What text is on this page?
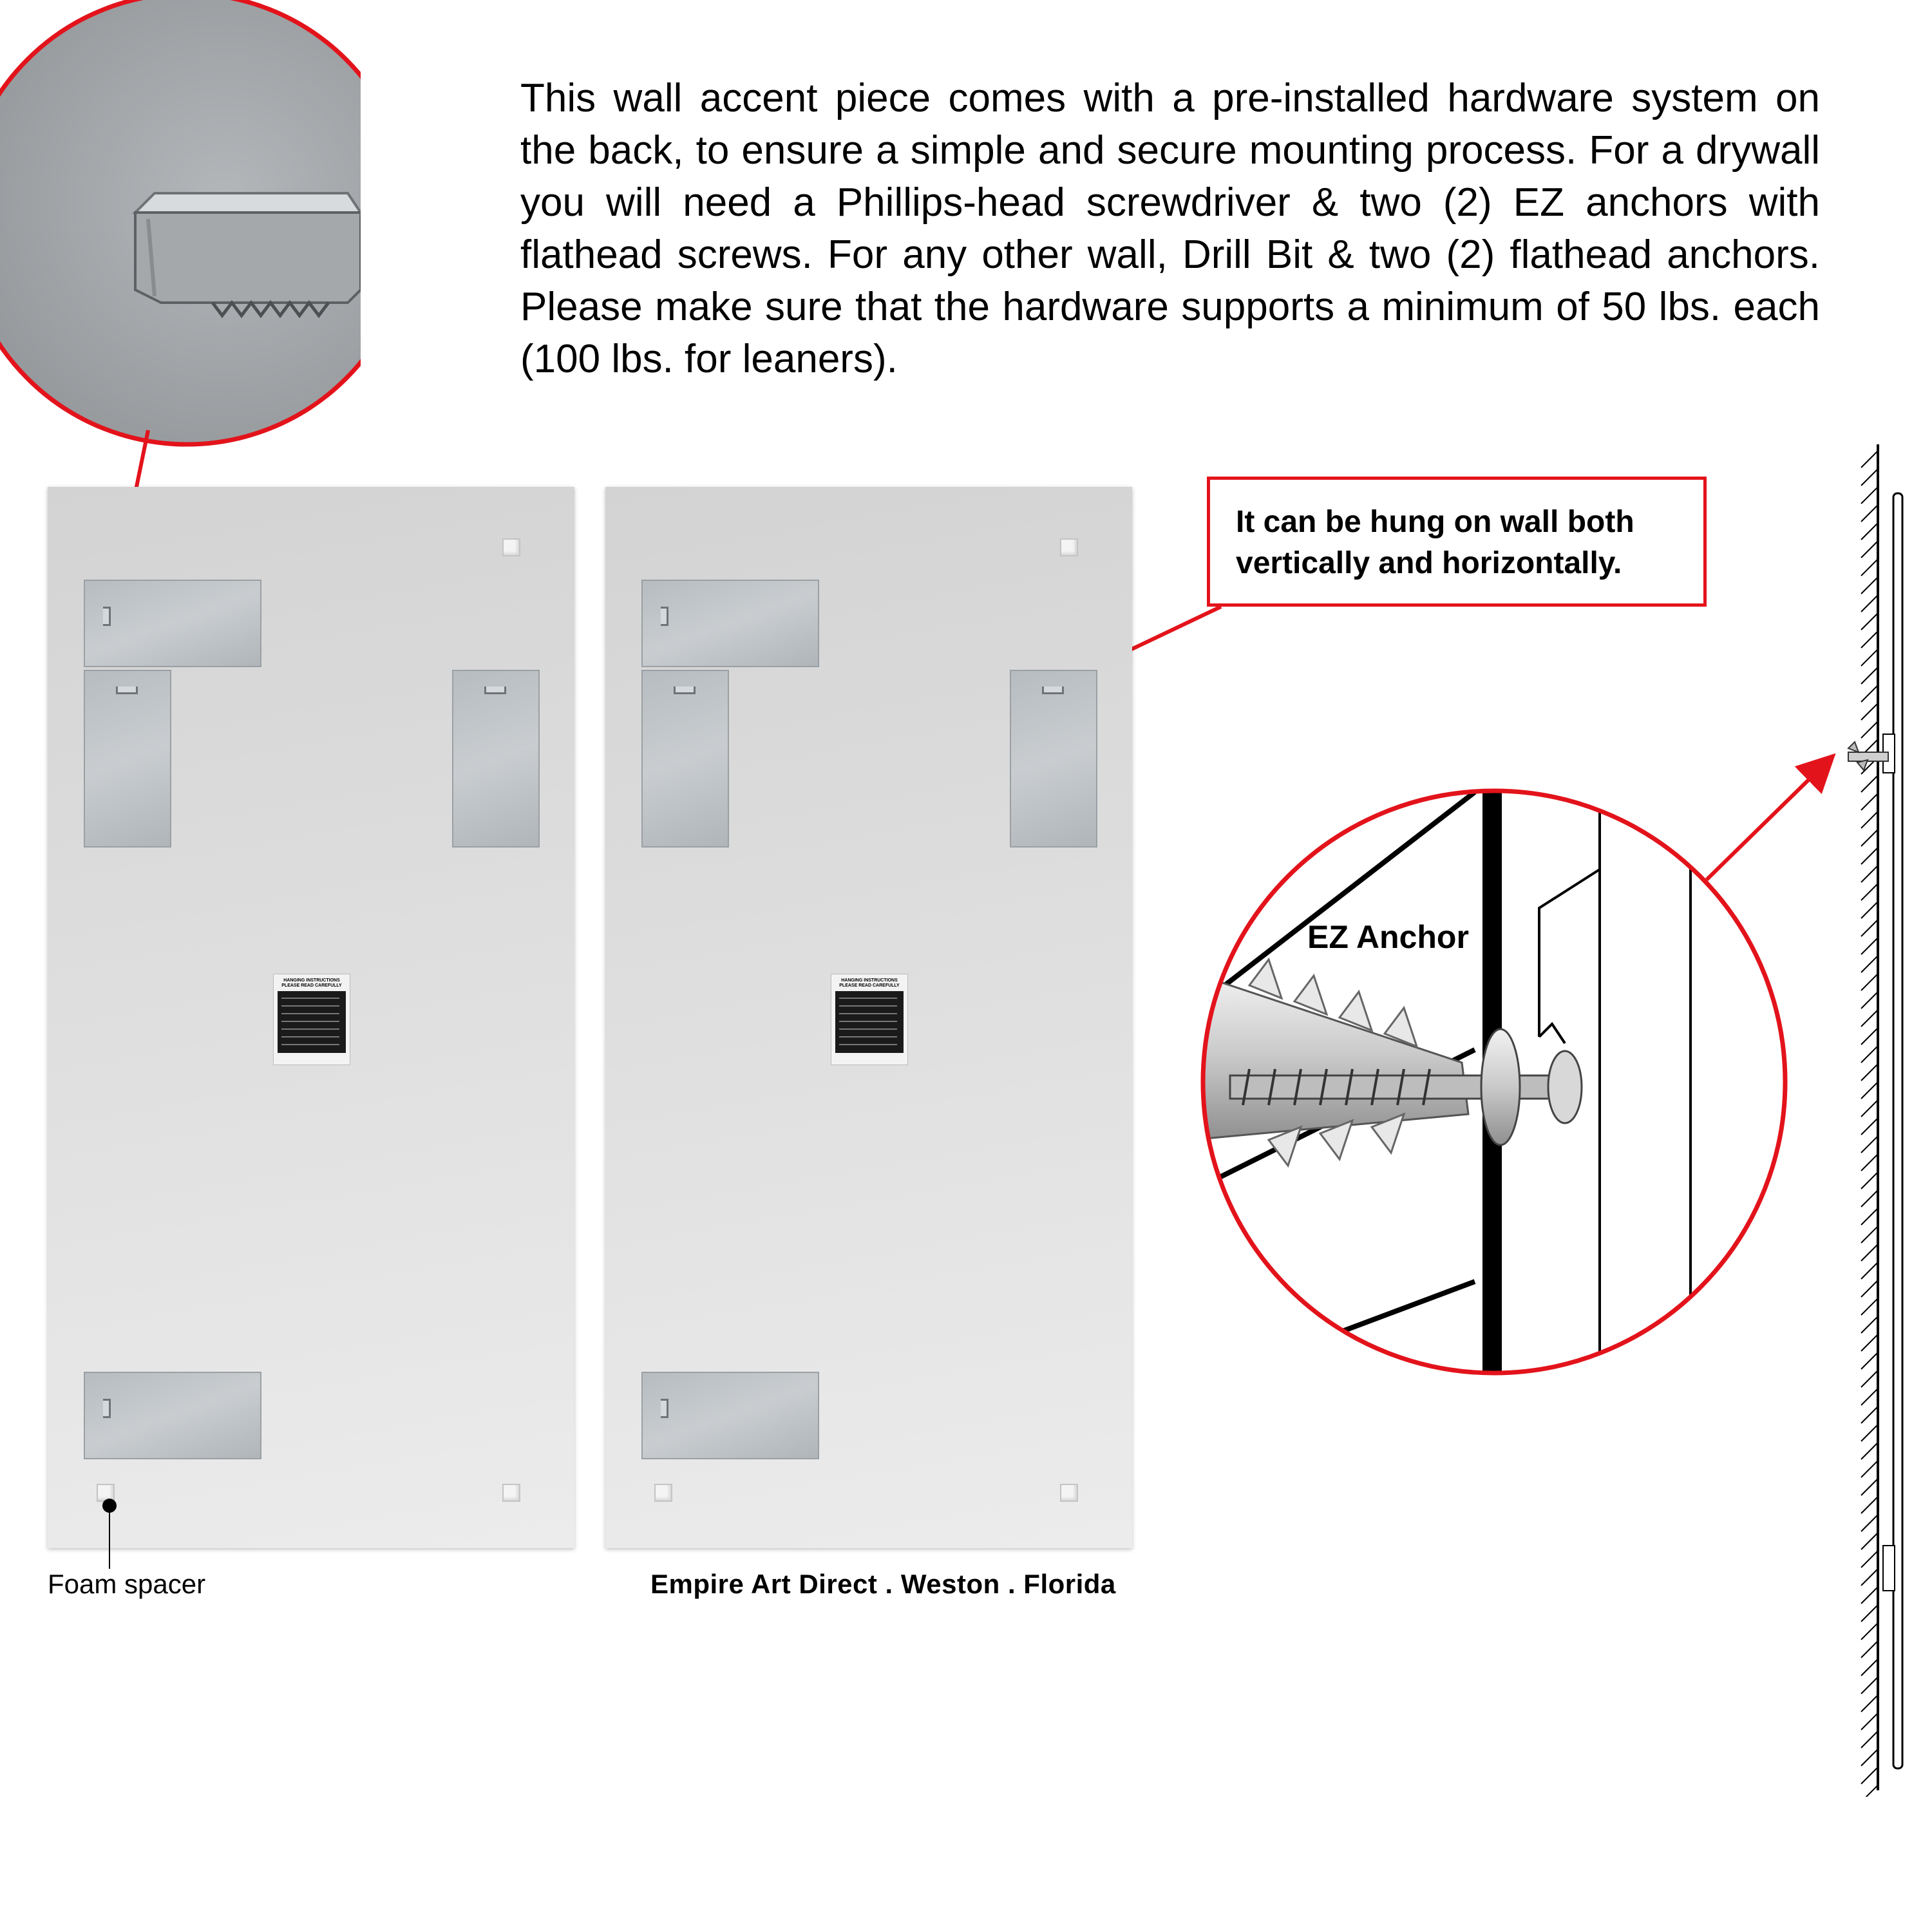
This wall accent piece comes with a pre-installed hardware system on the back, to ensure a simple and secure mounting process. For a drywall you will need a Phillips-head screwdriver & two (2) EZ anchors with flathead screws. For any other wall, Drill Bit & two (2) flathead anchors. Please make sure that the hardware supports a minimum of 50 lbs. each (100 lbs. for leaners).
HANGING INSTRUCTIONS
PLEASE READ CAREFULLY
HANGING INSTRUCTIONS
PLEASE READ CAREFULLY
Foam spacer	Empire Art Direct . Weston . Florida
It can be hung on wall both vertically and horizontally.
EZ Anchor
